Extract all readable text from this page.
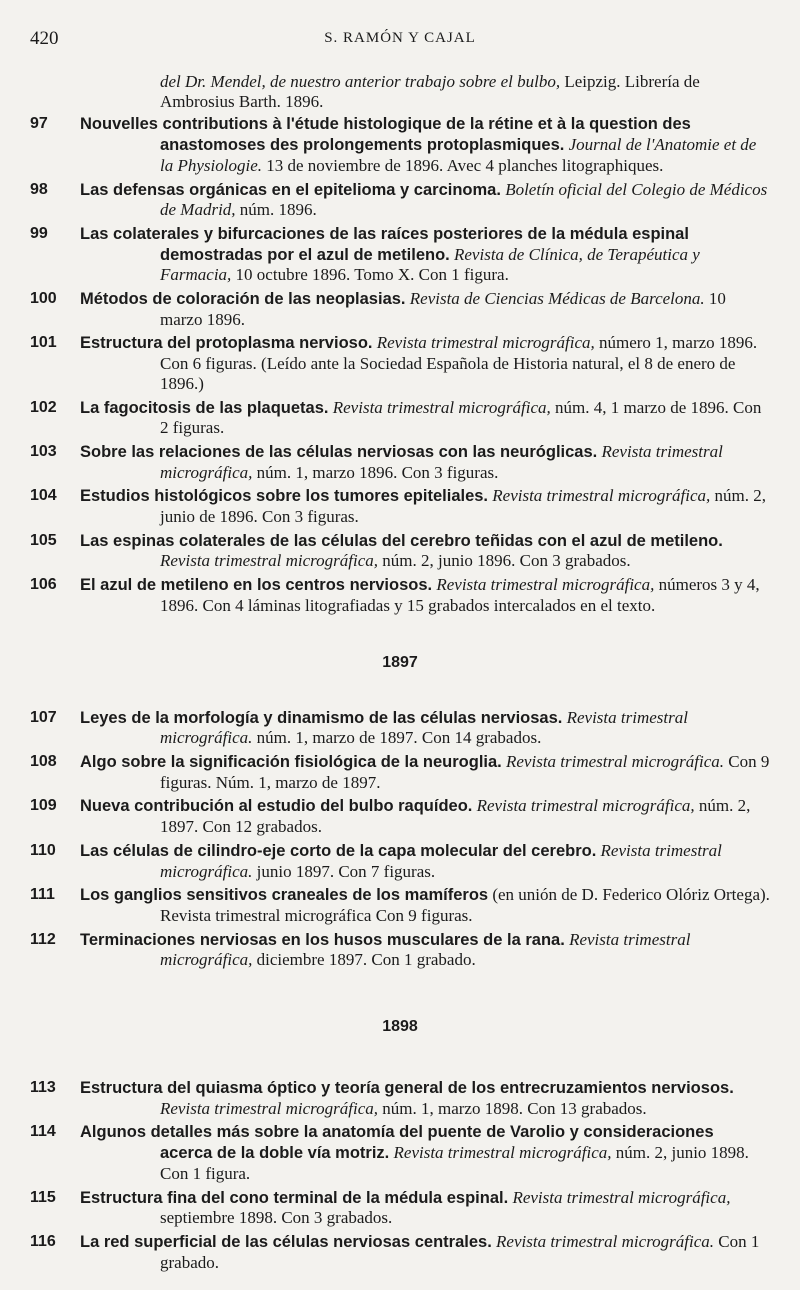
420	S. RAMÓN Y CAJAL
del Dr. Mendel, de nuestro anterior trabajo sobre el bulbo, Leipzig. Librería de Ambrosius Barth. 1896.
97	Nouvelles contributions à l'étude histologique de la rétine et à la question des anastomoses des prolongements protoplasmiques. Journal de l'Anatomie et de la Physiologie. 13 de noviembre de 1896. Avec 4 planches litographiques.
98	Las defensas orgánicas en el epitelioma y carcinoma. Boletín oficial del Colegio de Médicos de Madrid, núm. 1896.
99	Las colaterales y bifurcaciones de las raíces posteriores de la médula espinal demostradas por el azul de metileno. Revista de Clínica, de Terapéutica y Farmacia, 10 octubre 1896. Tomo X. Con 1 figura.
100	Métodos de coloración de las neoplasias. Revista de Ciencias Médicas de Barcelona. 10 marzo 1896.
101	Estructura del protoplasma nervioso. Revista trimestral micrográfica, número 1, marzo 1896. Con 6 figuras. (Leído ante la Sociedad Española de Historia natural, el 8 de enero de 1896.)
102	La fagocitosis de las plaquetas. Revista trimestral micrográfica, núm. 4, 1 marzo de 1896. Con 2 figuras.
103	Sobre las relaciones de las células nerviosas con las neuróglicas. Revista trimestral micrográfica, núm. 1, marzo 1896. Con 3 figuras.
104	Estudios histológicos sobre los tumores epiteliales. Revista trimestral micrográfica, núm. 2, junio de 1896. Con 3 figuras.
105	Las espinas colaterales de las células del cerebro teñidas con el azul de metileno. Revista trimestral micrográfica, núm. 2, junio 1896. Con 3 grabados.
106	El azul de metileno en los centros nerviosos. Revista trimestral micrográfica, números 3 y 4, 1896. Con 4 láminas litografiadas y 15 grabados intercalados en el texto.
1897
107	Leyes de la morfología y dinamismo de las células nerviosas. Revista trimestral micrográfica. núm. 1, marzo de 1897. Con 14 grabados.
108	Algo sobre la significación fisiológica de la neuroglia. Revista trimestral micrográfica. Con 9 figuras. Núm. 1, marzo de 1897.
109	Nueva contribución al estudio del bulbo raquídeo. Revista trimestral micrográfica, núm. 2, 1897. Con 12 grabados.
110	Las células de cilindro-eje corto de la capa molecular del cerebro. Revista trimestral micrográfica. junio 1897. Con 7 figuras.
111	Los ganglios sensitivos craneales de los mamíferos (en unión de D. Federico Olóriz Ortega). Revista trimestral micrográfica Con 9 figuras.
112	Terminaciones nerviosas en los husos musculares de la rana. Revista trimestral micrográfica, diciembre 1897. Con 1 grabado.
1898
113	Estructura del quiasma óptico y teoría general de los entrecruzamientos nerviosos. Revista trimestral micrográfica, núm. 1, marzo 1898. Con 13 grabados.
114	Algunos detalles más sobre la anatomía del puente de Varolio y consideraciones acerca de la doble vía motriz. Revista trimestral micrográfica, núm. 2, junio 1898. Con 1 figura.
115	Estructura fina del cono terminal de la médula espinal. Revista trimestral micrográfica, septiembre 1898. Con 3 grabados.
116	La red superficial de las células nerviosas centrales. Revista trimestral micrográfica. Con 1 grabado.
